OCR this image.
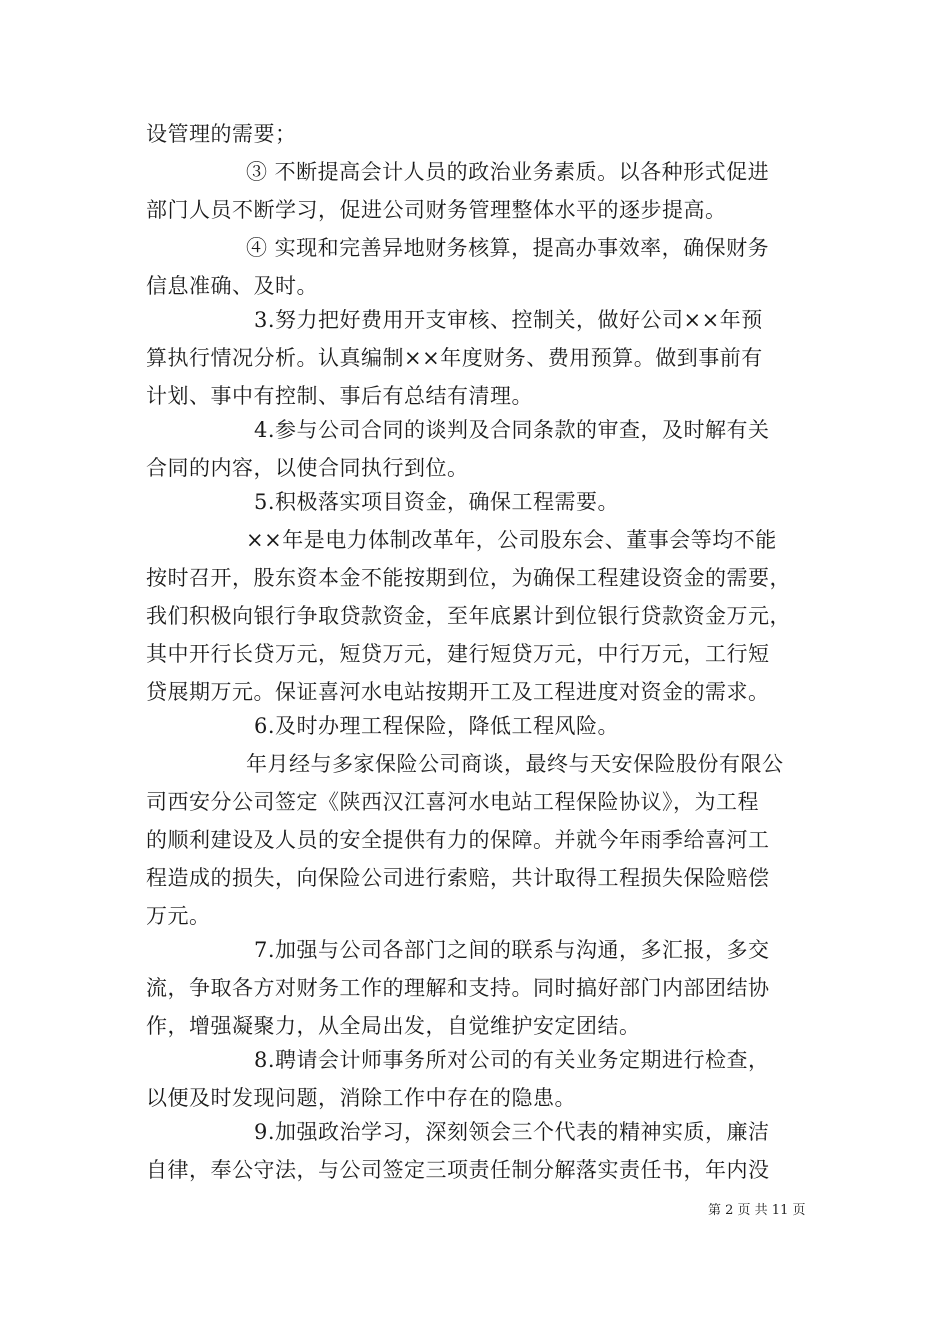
设管理的需要；
③ 不断提高会计人员的政治业务素质。以各种形式促进
部门人员不断学习，促进公司财务管理整体水平的逐步提高。
④ 实现和完善异地财务核算，提高办事效率，确保财务
信息准确、及时。
3.努力把好费用开支审核、控制关，做好公司××年预
算执行情况分析。认真编制××年度财务、费用预算。做到事前有
计划、事中有控制、事后有总结有清理。
4.参与公司合同的谈判及合同条款的审查，及时解有关
合同的内容，以使合同执行到位。
5.积极落实项目资金，确保工程需要。
××年是电力体制改革年，公司股东会、董事会等均不能
按时召开，股东资本金不能按期到位，为确保工程建设资金的需要，
我们积极向银行争取贷款资金，至年底累计到位银行贷款资金万元，
其中开行长贷万元，短贷万元，建行短贷万元，中行万元，工行短
贷展期万元。保证喜河水电站按期开工及工程进度对资金的需求。
6.及时办理工程保险，降低工程风险。
年月经与多家保险公司商谈，最终与天安保险股份有限公
司西安分公司签定《陕西汉江喜河水电站工程保险协议》，为工程
的顺利建设及人员的安全提供有力的保障。并就今年雨季给喜河工
程造成的损失，向保险公司进行索赔，共计取得工程损失保险赔偿
万元。
7.加强与公司各部门之间的联系与沟通，多汇报，多交
流，争取各方对财务工作的理解和支持。同时搞好部门内部团结协
作，增强凝聚力，从全局出发，自觉维护安定团结。
8.聘请会计师事务所对公司的有关业务定期进行检查，
以便及时发现问题，消除工作中存在的隐患。
9.加强政治学习，深刻领会三个代表的精神实质，廉洁
自律，奉公守法，与公司签定三项责任制分解落实责任书，年内没
第 2 页 共 11 页
